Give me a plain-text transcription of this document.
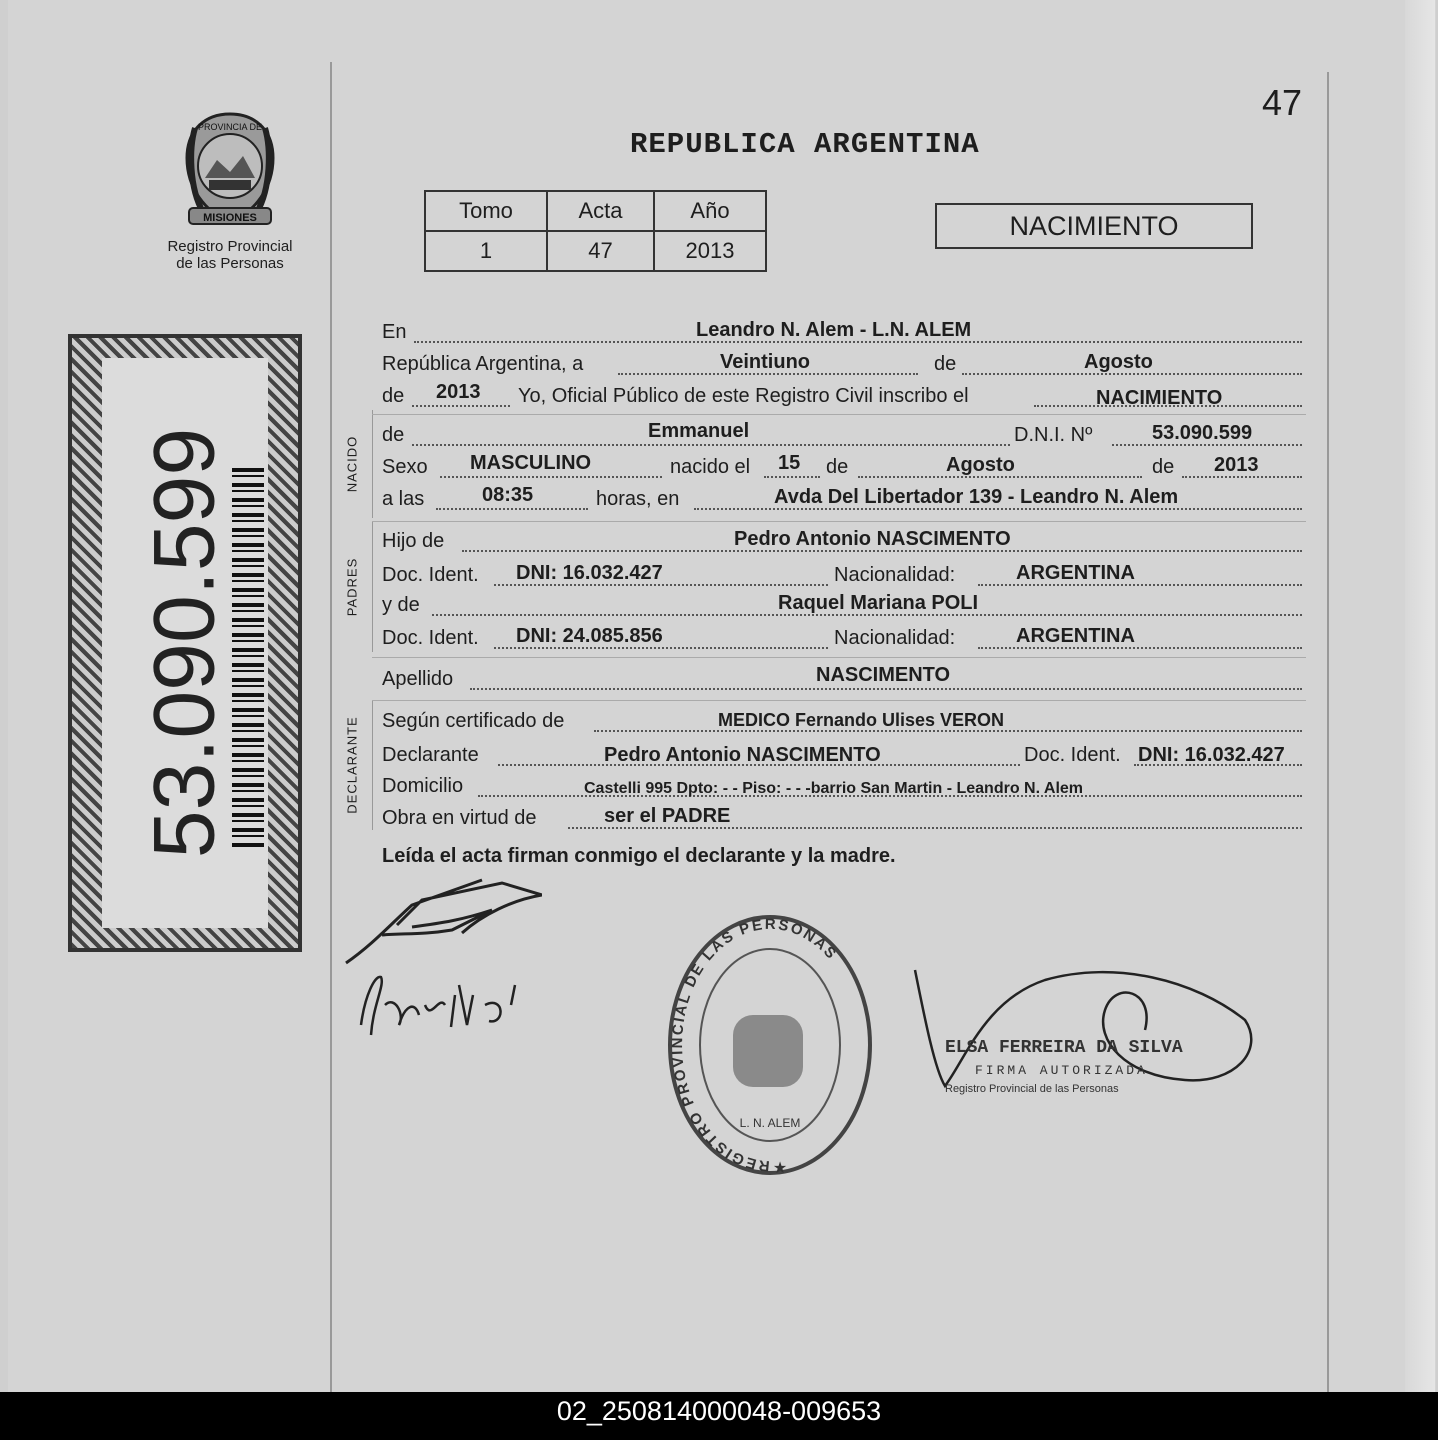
MISIONES
PROVINCIA DE
Registro Provincial
de las Personas
53.090.599
47
REPUBLICA ARGENTINA
Tomo	Acta	Año
1	47	2013
NACIMIENTO
NACIDO
PADRES
DECLARANTE
En	Leandro N. Alem - L.N. ALEM
República Argentina, a	Veintiuno	de	Agosto
de 2013 Yo, Oficial Público de este Registro Civil inscribo el	NACIMIENTO
de	Emmanuel	D.N.I. Nº	53.090.599
Sexo MASCULINO	nacido el 15 de	Agosto	de 2013
a las	08:35	horas, en	Avda Del Libertador 139 - Leandro N. Alem
Hijo de	Pedro Antonio NASCIMENTO
Doc. Ident. DNI: 16.032.427	Nacionalidad:	ARGENTINA
y de	Raquel Mariana POLI
Doc. Ident. DNI: 24.085.856	Nacionalidad:	ARGENTINA
Apellido	NASCIMENTO
Según certificado de	MEDICO Fernando Ulises VERON
Declarante	Pedro Antonio NASCIMENTO	Doc. Ident. DNI: 16.032.427
Domicilio	Castelli 995 Dpto: - - Piso: - - -barrio San Martin - Leandro N. Alem
Obra en virtud de	ser el PADRE
Leída el acta firman conmigo el declarante y la madre.
REGISTRO PROVINCIAL DE LAS PERSONAS
L. N. ALEM
★
ELSA FERREIRA DA SILVA
FIRMA AUTORIZADA
Registro Provincial de las Personas
02_250814000048-009653
